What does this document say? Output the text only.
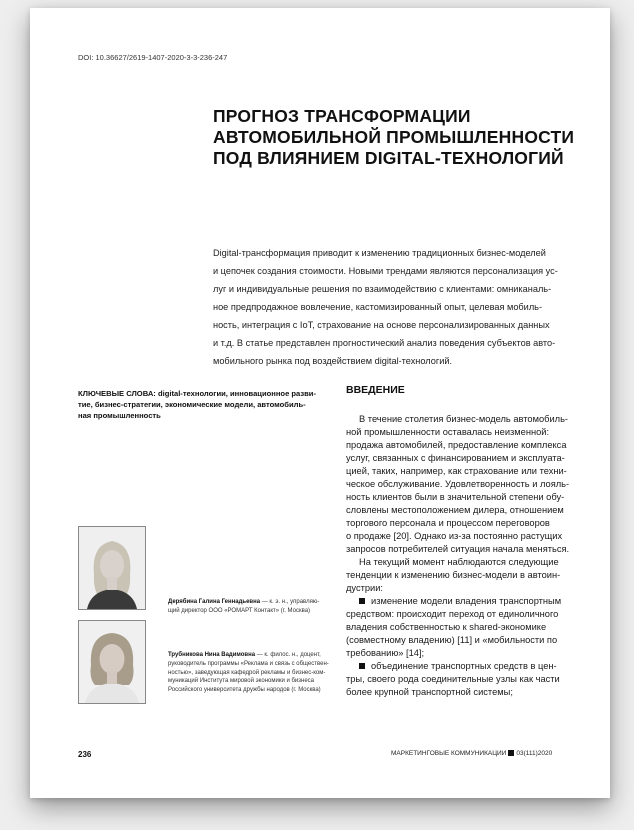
DOI: 10.36627/2619-1407-2020-3-3-236-247
ПРОГНОЗ ТРАНСФОРМАЦИИ
АВТОМОБИЛЬНОЙ ПРОМЫШЛЕННОСТИ
ПОД ВЛИЯНИЕМ DIGITAL-ТЕХНОЛОГИЙ
Digital-трансформация приводит к изменению традиционных бизнес-моделей
и цепочек создания стоимости. Новыми трендами являются персонализация ус-
луг и индивидуальные решения по взаимодействию с клиентами: омниканаль-
ное предпродажное вовлечение, кастомизированный опыт, целевая мобиль-
ность, интеграция с IoT, страхование на основе персонализированных данных
и т.д. В статье представлен прогностический анализ поведения субъектов авто-
мобильного рынка под воздействием digital-технологий.
КЛЮЧЕВЫЕ СЛОВА: digital-технологии, инновационное разви-
тие, бизнес-стратегии, экономические модели, автомобиль-
ная промышленность
Дерябина Галина Геннадьевна — к. э. н., управляю-
щий директор ООО «РОМАРТ Контакт» (г. Москва)
Трубникова Нина Вадимовна — к. филос. н., доцент,
руководитель программы «Реклама и связь с обществен-
ностью», заведующая кафедрой рекламы и бизнес-ком-
муникаций Института мировой экономики и бизнеса
Российского университета дружбы народов (г. Москва)
ВВЕДЕНИЕ
В течение столетия бизнес-модель автомобиль-
ной промышленности оставалась неизменной:
продажа автомобилей, предоставление комплекса
услуг, связанных с финансированием и эксплуата-
цией, таких, например, как страхование или техни-
ческое обслуживание. Удовлетворенность и лояль-
ность клиентов были в значительной степени обу-
словлены местоположением дилера, отношением
торгового персонала и процессом переговоров
о продаже [20]. Однако из-за постоянно растущих
запросов потребителей ситуация начала меняться.
На текущий момент наблюдаются следующие
тенденции к изменению бизнес-модели в автоин-
дустрии:
изменение модели владения транспортным
средством: происходит переход от единоличного
владения собственностью к shared-экономике
(совместному владению) [11] и «мобильности по
требованию» [14];
объединение транспортных средств в цен-
тры, своего рода соединительные узлы как части
более крупной транспортной системы;
236	МАРКЕТИНГОВЫЕ КОММУНИКАЦИИ 03(111)2020
